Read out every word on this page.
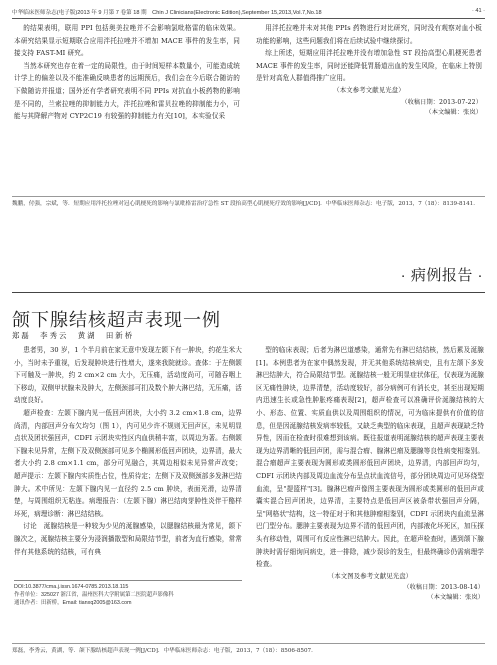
中华临床医师杂志(电子版)2013 年 9 月第 7 卷第 18 期　Chin J Clinicians(Electronic Edition),September 15,2013,Vol.7,No.18	· 41 ·

的结果表明，联用 PPI 包括奥美拉唑并不会影响氯吡格雷的临床效果。本研究结果显示短期联合应用泮托拉唑并不增加 MACE 事件的发生率，同接支持 FAST-MI 研究。

当然本研究也存在着一定的局限性，由于时间短样本数量小，可能造成统计学上的偏差以及不能准确反映患者的远期预后，我们会在今后联合随访的下做随访并报道；国外还有学者研究表明不同 PPIs 对抗血小板药物的影响是不同的，兰索拉唑的抑制能力大，泮托拉唑和雷贝拉唑的抑制能力小，可能与其降解产物对 CYP2C19 有较强的抑制能力有关[10]，本实验仅采

用泮托拉唑并未对其他 PPIs 药物进行对比研究，同时没有观察对血小板功能的影响，这些问题我们将在后续试验中继续探讨。

综上所述，短期应用泮托拉唑并没有增加急性 ST 段抬高型心肌梗死患者 MACE 事件的发生率，同时还能降低胃肠道出血的发生风险，在临床上特别是针对高危人群值得推广应用。

（本文参考文献见光盘）

（收稿日期：2013-07-22）

（本文编辑：张岚）

魏鹏，付强，宗斌，等．短期应用泮托拉唑对冠心肌梗死的影响与氯吡格雷治疗急性 ST 段抬高型心肌梗死疗效的影响[J/CD]．中华临床医师杂志：电子版，2013，7（18）：8139-8141．
· 病例报告 ·
颌下腺结核超声表现一例
郑磊　李秀云　黄湖　田新桥

患者男，30 岁，1 个半月前在家无意中发现左颌下有一肿块，约花生米大小，当时未予重视，后发现肿块进行性增大，遂来我院就诊。查体：于左侧颌下可触及一肿块，约 2 cm×2 cm 大小，无压痛，活动度尚可，可随吞咽上下移动，双侧甲状腺未及肿大，左侧颈部可扪及数个肿大淋巴结，无压痛，活动度良好。

超声检查：左颌下腺内见一低回声团块，大小约 3.2 cm×1.8 cm，边界尚清，内部回声分布欠均匀（图 1），内可见少许不规则无回声区，未见明显点状及团状强回声，CDFI 示团块实性区内血供稍丰富，以周边为著。右侧颌下腺未见异常，左侧下及双侧颈部可见多个椭圆形低回声团块，边界清，最大者大小约 2.8 cm×1.1 cm，部分可见融合，其周边相似未见异常声改变；超声提示：左颌下腺内实质性占位，性质待定；左侧下及双侧颈部多发淋巴结肿大。术中所见：左颌下腺内见一直径约 2.5 cm 肿块，表面光滑，边界清楚，与周围组织无粘连。病理报告：（左颌下腺）淋巴结肉芽肿性炎伴干酪样坏死，病理诊断：淋巴结结核。

讨论　涎腺结核是一种较为少见的涎腺感染，以腮腺结核最为常见，颌下腺次之，涎腺结核主要分为浸润播散型和局限结节型，前者为直行感染，常常伴有其他系统的结核，可有典

型的临床表现；后者为淋巴道感染，通常先有淋巴结结核，然后累及涎腺[1]。本例患者为在家中偶然发现，并无其他系统结核病史，且有左颌下多发淋巴结肿大，符合局限结节型。涎腺结核一般无明显症状体征，仅表现为涎腺区无痛性肿块，边界清楚，活动度较好，部分病例可有消长史，甚至出现短期内迅速生长或急性肿胀疼痛表现[2]，超声检查可以准确评价涎腺结核的大小、形态、位置、实质血供以及周围组织的情况，可为临床提供有价值的信息，但是因涎腺结核发病率较低，又缺乏典型的临床表现，且超声表现缺乏特异性，因而在检查时很难想到该病。既往报道表明涎腺结核的超声表现主要表现为边界清晰的低回声团，需与混合瘤、腺淋巴瘤及腮腺等良性病变相鉴别。混合瘤超声主要表现为圆形或类圆形低回声团块，边界清，内部回声均匀，CDFI 示团块内部及周边血流分布呈点状血流信号，部分团块周边可见环绕型血流，呈"提篮样"[3]。腺淋巴瘤声像图主要表现为圆形或类圆形的低回声或囊实混合回声团块，边界清，主要特点是低回声区被条带状强回声分隔，呈"网格状"结构，这一特征对于和其他肿瘤相鉴别，CDFI 示团块内血流呈淋巴门型分布。腮肿主要表现为边界不清的低回声团，内部液化坏死区，加压探头有移动性，周围可有反应性淋巴结肿大。因此，在超声检查时，遇到颌下腺肿块时需仔细询问病史，进一排除，减少误诊的发生，但最终确诊仍需病理学检查。

（本文图及参考文献见光盘）

（收稿日期：2013-08-14）

（本文编辑：张岚）

DOI:10.3877/cma.j.issn.1674-0785.2013.18.115
作者单位：325027 浙江省，温州医科大学附属第二医院超声影像科
通讯作者：田新桥，Email: tianxq2005@163.com
郑磊，李秀云，黄湖，等．颌下腺结核超声表现一例[J/CD]．中华临床医师杂志：电子版，2013，7（18）：8506-8507．
